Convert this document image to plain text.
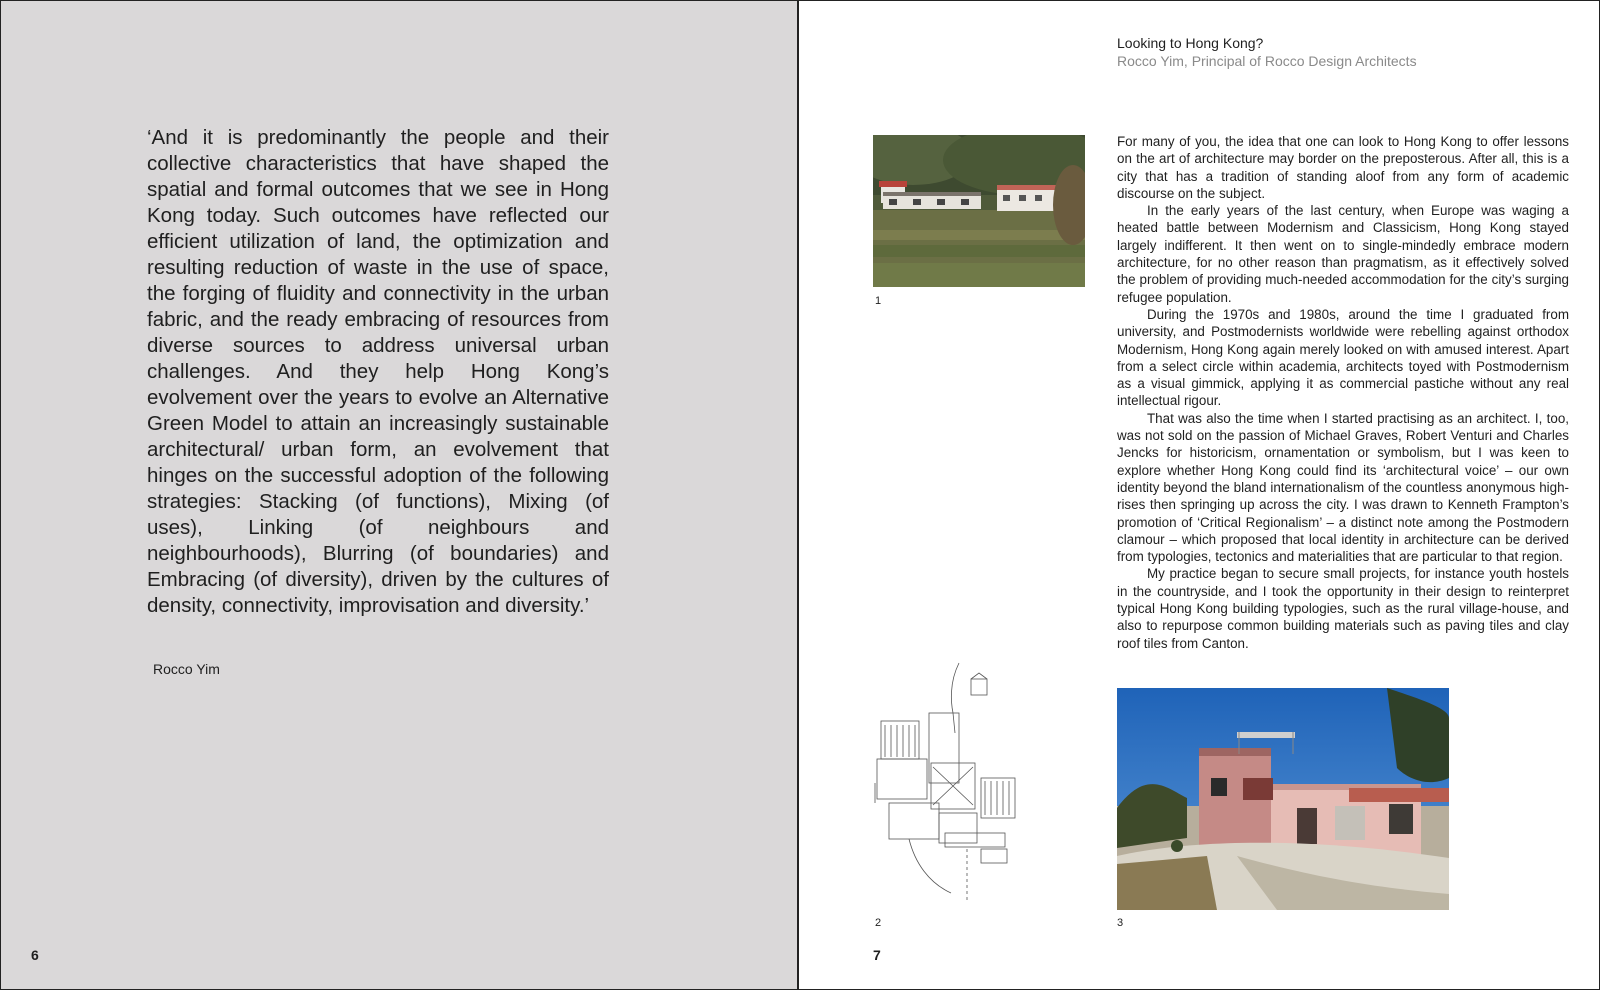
‘And it is predominantly the people and their collective characteristics that have shaped the spatial and formal outcomes that we see in Hong Kong today. Such outcomes have reflected our efficient utilization of land, the optimization and resulting reduction of waste in the use of space, the forging of fluidity and connectivity in the urban fabric, and the ready embracing of resources from diverse sources to address universal urban challenges. And they help Hong Kong’s evolvement over the years to evolve an Alternative Green Model to attain an increasingly sustainable architectural/ urban form, an evolvement that hinges on the successful adoption of the following strategies: Stacking (of functions), Mixing (of uses), Linking (of neighbours and neighbourhoods), Blurring (of boundaries) and Embracing (of diversity), driven by the cultures of density, connectivity, improvisation and diversity.’

Rocco Yim
6
Looking to Hong Kong?
Rocco Yim, Principal of Rocco Design Architects
1

For many of you, the idea that one can look to Hong Kong to offer lessons on the art of architecture may border on the preposterous. After all, this is a city that has a tradition of standing aloof from any form of academic discourse on the subject.

In the early years of the last century, when Europe was waging a heated battle between Modernism and Classicism, Hong Kong stayed largely indifferent. It then went on to single-mindedly embrace modern architecture, for no other reason than pragmatism, as it effectively solved the problem of providing much-needed accommodation for the city’s surging refugee population.

During the 1970s and 1980s, around the time I graduated from university, and Postmodernists worldwide were rebelling against orthodox Modernism, Hong Kong again merely looked on with amused interest. Apart from a select circle within academia, architects toyed with Postmodernism as a visual gimmick, applying it as commercial pastiche without any real intellectual rigour.

That was also the time when I started practising as an architect. I, too, was not sold on the passion of Michael Graves, Robert Venturi and Charles Jencks for historicism, ornamentation or symbolism, but I was keen to explore whether Hong Kong could find its ‘architectural voice’ – our own identity beyond the bland internationalism of the countless anonymous high-rises then springing up across the city. I was drawn to Kenneth Frampton’s promotion of ‘Critical Regionalism’ – a distinct note among the Postmodern clamour – which proposed that local identity in architecture can be derived from typologies, tectonics and materialities that are particular to that region.

My practice began to secure small projects, for instance youth hostels in the countryside, and I took the opportunity in their design to reinterpret typical Hong Kong building typologies, such as the rural village-house, and also to repurpose common building materials such as paving tiles and clay roof tiles from Canton.

2	3
7
